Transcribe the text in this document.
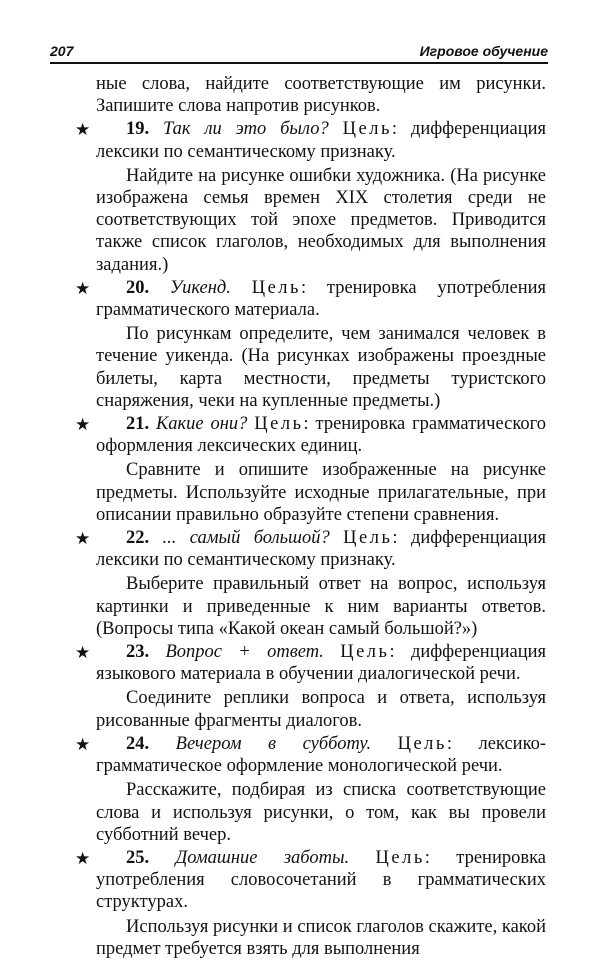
207	Игровое обучение

ные слова, найдите соответствующие им рисунки. Запишите слова напротив рисунков.

★ 19. Так ли это было? Цель: дифференциация лексики по семантическому признаку.

Найдите на рисунке ошибки художника. (На рисунке изображена семья времен XIX столетия среди не соответствующих той эпохе предметов. Приводится также список глаголов, необходимых для выполнения задания.)

★ 20. Уикенд. Цель: тренировка употребления грамматического материала.

По рисункам определите, чем занимался человек в течение уикенда. (На рисунках изображены проездные билеты, карта местности, предметы туристского снаряжения, чеки на купленные предметы.)

★ 21. Какие они? Цель: тренировка грамматического оформления лексических единиц.

Сравните и опишите изображенные на рисунке предметы. Используйте исходные прилагательные, при описании правильно образуйте степени сравнения.

★ 22. ... самый большой? Цель: дифференциация лексики по семантическому признаку.

Выберите правильный ответ на вопрос, используя картинки и приведенные к ним варианты ответов. (Вопросы типа «Какой океан самый большой?»)

★ 23. Вопрос + ответ. Цель: дифференциация языкового материала в обучении диалогической речи.

Соедините реплики вопроса и ответа, используя рисованные фрагменты диалогов.

★ 24. Вечером в субботу. Цель: лексико-грамматическое оформление монологической речи.

Расскажите, подбирая из списка соответствующие слова и используя рисунки, о том, как вы провели субботний вечер.

★ 25. Домашние заботы. Цель: тренировка употребления словосочетаний в грамматических структурах.

Используя рисунки и список глаголов скажите, какой предмет требуется взять для выполнения
